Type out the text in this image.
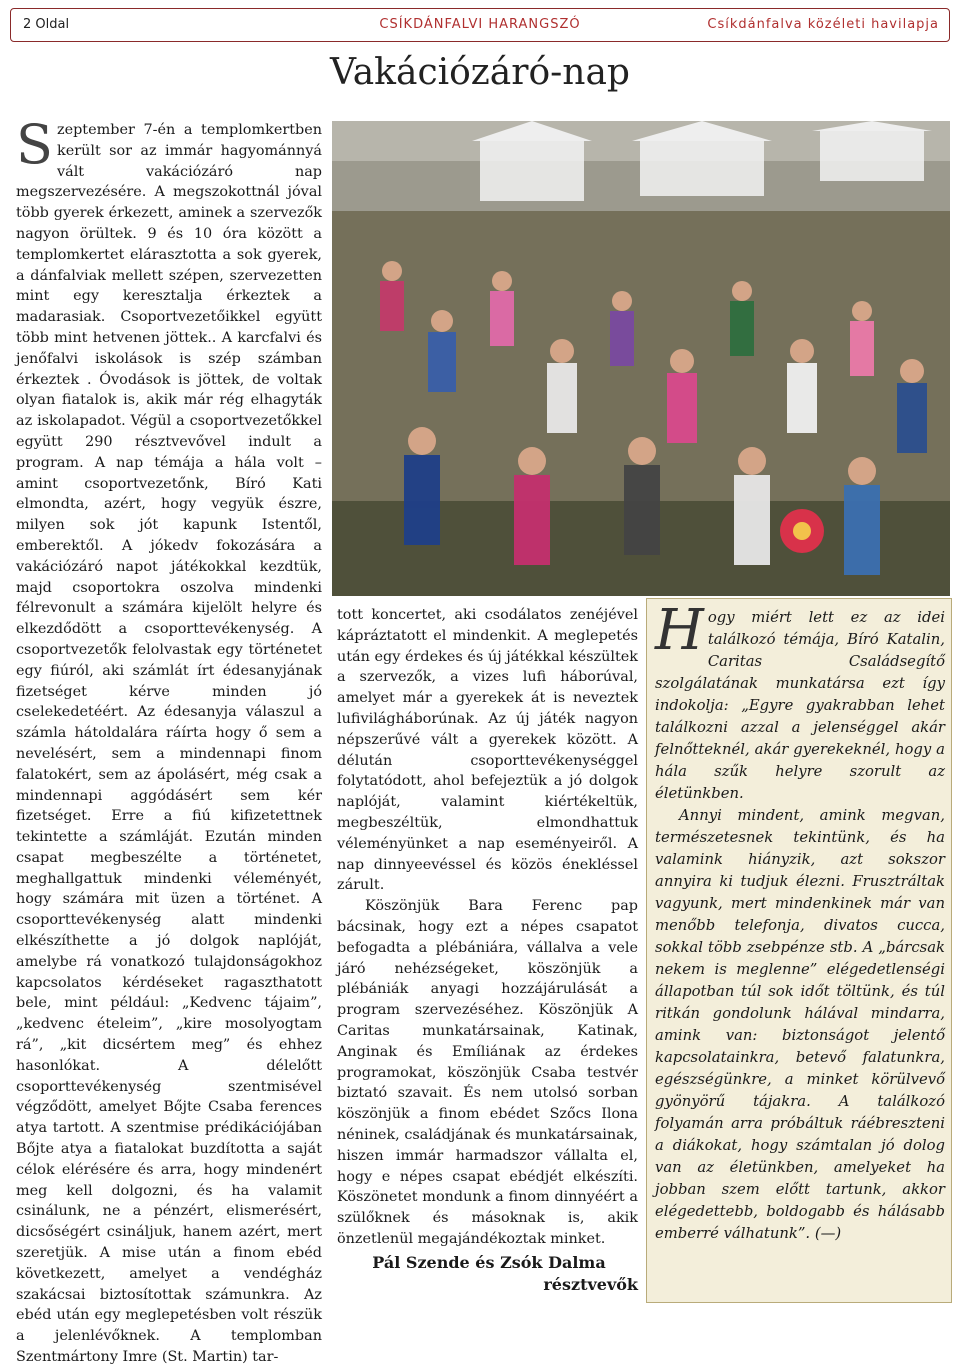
2 Oldal	CSÍKDÁNFALVI HARANGSZÓ	Csíkdánfalva közéleti havilapja
Vakációzáró-nap

Szeptember 7-én a templomkertben került sor az immár hagyománnyá vált vakációzáró nap megszervezésére. A megszokottnál jóval több gyerek érkezett, aminek a szervezők nagyon örültek. 9 és 10 óra között a templomkertet elárasztotta a sok gyerek, a dánfalviak mellett szépen, szervezetten mint egy keresztalja érkeztek a madarasiak. Csoportvezetőikkel együtt több mint hetvenen jöttek.. A karcfalvi és jenőfalvi iskolások is szép számban érkeztek . Óvodások is jöttek, de voltak olyan fiatalok is, akik már rég elhagyták az iskolapadot. Végül a csoportvezetőkkel együtt 290 résztvevővel indult a program. A nap témája a hála volt – amint csoportvezetőnk, Bíró Kati elmondta, azért, hogy vegyük észre, milyen sok jót kapunk Istentől, emberektől. A jókedv fokozására a vakációzáró napot játékokkal kezdtük, majd csoportokra oszolva mindenki félrevonult a számára kijelölt helyre és elkezdődött a csoporttevékenység. A csoportvezetők felolvastak egy történetet egy fiúról, aki számlát írt édesanyjának fizetséget kérve minden jó cselekedetéért. Az édesanyja válaszul a számla hátoldalára ráírta hogy ő sem a nevelésért, sem a mindennapi finom falatokért, sem az ápolásért, még csak a mindennapi aggódásért sem kér fizetséget. Erre a fiú kifizetettnek tekintette a számláját. Ezután minden csapat megbeszélte a történetet, meghallgattuk mindenki véleményét, hogy számára mit üzen a történet. A csoporttevékenység alatt mindenki elkészíthette a jó dolgok naplóját, amelybe rá vonatkozó tulajdonságokhoz kapcsolatos kérdéseket ragaszthatott bele, mint például: „Kedvenc tájaim”, „kedvenc ételeim”, „kire mosolyogtam rá”, „kit dicsértem meg” és ehhez hasonlókat. A délelőtt csoporttevékenység szentmisével végződött, amelyet Bőjte Csaba ferences atya tartott. A szentmise prédikációjában Bőjte atya a fiatalokat buzdította a saját célok elérésére és arra, hogy mindenért meg kell dolgozni, és ha valamit csinálunk, ne a pénzért, elismerésért, dicsőségért csináljuk, hanem azért, mert szeretjük. A mise után a finom ebéd következett, amelyet a vendégház szakácsai biztosítottak számunkra. Az ebéd után egy meglepetésben volt részük a jelenlévőknek. A templomban Szentmártony Imre (St. Martin) tar-

tott koncertet, aki csodálatos zenéjével kápráztatott el mindenkit. A meglepetés után egy érdekes és új játékkal készültek a szervezők, a vizes lufi háborúval, amelyet már a gyerekek át is neveztek lufivilágháborúnak. Az új játék nagyon népszerűvé vált a gyerekek között. A délután csoporttevékenységgel folytatódott, ahol befejeztük a jó dolgok naplóját, valamint kiértékeltük, megbeszéltük, elmondhattuk véleményünket a nap eseményeiről. A nap dinnyeevéssel és közös énekléssel zárult.

Köszönjük Bara Ferenc pap bácsinak, hogy ezt a népes csapatot befogadta a plébániára, vállalva a vele járó nehézségeket, köszönjük a plébániák anyagi hozzájárulását a program szervezéséhez. Köszönjük A Caritas munkatársainak, Katinak, Anginak és Emíliának az érdekes programokat, köszönjük Csaba testvér biztató szavait. És nem utolsó sorban köszönjük a finom ebédet Szőcs Ilona néninek, családjának és munkatársainak, hiszen immár harmadszor vállalta el, hogy e népes csapat ebédjét elkészíti. Köszönetet mondunk a finom dinnyéért a szülőknek és másoknak is, akik önzetlenül megajándékoztak minket.

Pál Szende és Zsók Dalma
résztvevők

Hogy miért lett ez az idei találkozó témája, Bíró Katalin, Caritas Családsegítő szolgálatának munkatársa ezt így indokolja: „Egyre gyakrabban lehet találkozni azzal a jelenséggel akár felnőtteknél, akár gyerekeknél, hogy a hála szűk helyre szorult az életünkben.

Annyi mindent, amink megvan, természetesnek tekintünk, és ha valamink hiányzik, azt sokszor annyira ki tudjuk élezni. Frusztráltak vagyunk, mert mindenkinek már van menőbb telefonja, divatos cucca, sokkal több zsebpénze stb. A „bárcsak nekem is meglenne” elégedetlenségi állapotban túl sok időt töltünk, és túl ritkán gondolunk hálával mindarra, amink van: biztonságot jelentő kapcsolatainkra, betevő falatunkra, egészségünkre, a minket körülvevő gyönyörű tájakra. A találkozó folyamán arra próbáltuk ráébreszteni a diákokat, hogy számtalan jó dolog van az életünkben, amelyeket ha jobban szem előtt tartunk, akkor elégedettebb, boldogabb és hálásabb emberré válhatunk”. (—)
